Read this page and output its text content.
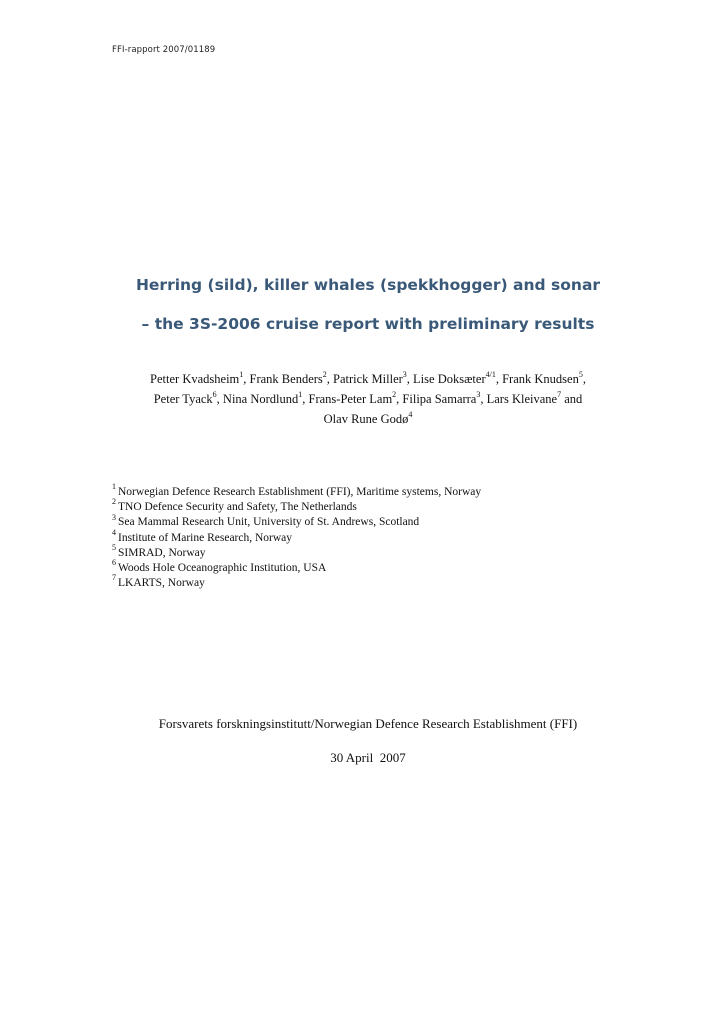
FFI-rapport 2007/01189
Herring (sild), killer whales (spekkhogger) and sonar
– the 3S-2006 cruise report with preliminary results
Petter Kvadsheim$^1$, Frank Benders$^2$, Patrick Miller$^3$, Lise Doksæter$^{4/1}$, Frank Knudsen$^5$,
Peter Tyack$^6$, Nina Nordlund$^1$, Frans-Peter Lam$^2$, Filipa Samarra$^3$, Lars Kleivane$^7$ and
Olav Rune Godø$^4$
$^1$ Norwegian Defence Research Establishment (FFI), Maritime systems, Norway
$^2$ TNO Defence Security and Safety, The Netherlands
$^3$ Sea Mammal Research Unit, University of St. Andrews, Scotland
$^4$ Institute of Marine Research, Norway
$^5$ SIMRAD, Norway
$^6$ Woods Hole Oceanographic Institution, USA
$^7$ LKARTS, Norway
Forsvarets forskningsinstitutt/Norwegian Defence Research Establishment (FFI)
30 April  2007
